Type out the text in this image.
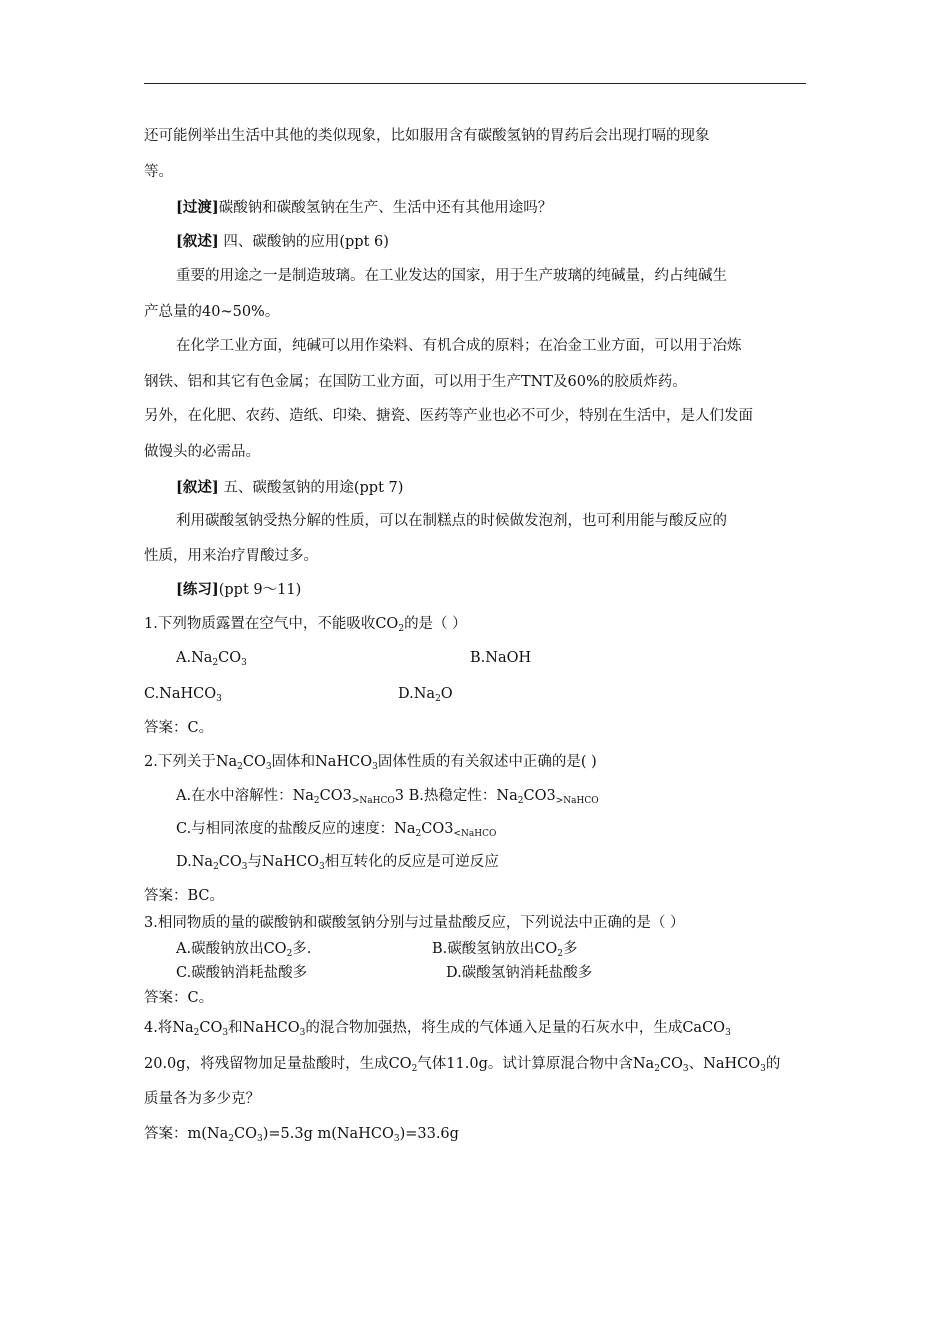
还可能例举出生活中其他的类似现象，比如服用含有碳酸氢钠的胃药后会出现打嗝的现象
等。
[过渡]碳酸钠和碳酸氢钠在生产、生活中还有其他用途吗？
[叙述] 四、碳酸钠的应用(ppt 6)
重要的用途之一是制造玻璃。在工业发达的国家，用于生产玻璃的纯碱量，约占纯碱生
产总量的40~50%。
在化学工业方面，纯碱可以用作染料、有机合成的原料；在冶金工业方面，可以用于冶炼
钢铁、铝和其它有色金属；在国防工业方面，可以用于生产TNT及60%的胶质炸药。
另外，在化肥、农药、造纸、印染、搪瓷、医药等产业也必不可少，特别在生活中，是人们发面
做馒头的必需品。
[叙述] 五、碳酸氢钠的用途(ppt 7)
利用碳酸氢钠受热分解的性质，可以在制糕点的时候做发泡剂，也可利用能与酸反应的
性质，用来治疗胃酸过多。
[练习](ppt 9～11)
1.下列物质露置在空气中，不能吸收$CO_2$的是（ ）
$A.Na_2CO_3$	B.NaOH
C.NaHCO$_3$	$D.Na_2O$
答案：C。
2.下列关于$Na_2CO_3$固体和NaHCO$_3$固体性质的有关叙述中正确的是( )
A.在水中溶解性：$Na_2CO3_{>NaHCO}3$ B.热稳定性：$Na_2CO3_{>NaHCO}$
C.与相同浓度的盐酸反应的速度：$Na_2CO3_{<NaHCO}$
$D.Na_2CO_3$与NaHCO$_3$相互转化的反应是可逆反应
答案：BC。
3.相同物质的量的碳酸钠和碳酸氢钠分别与过量盐酸反应，下列说法中正确的是（ ）
A.碳酸钠放出$CO_2$多.	B.碳酸氢钠放出$CO_2$多
C.碳酸钠消耗盐酸多	D.碳酸氢钠消耗盐酸多
答案：C。
4.将$Na_2CO_3$和NaHCO$_3$的混合物加强热，将生成的气体通入足量的石灰水中，生成CaCO$_3$
20.0g，将残留物加足量盐酸时，生成$CO_2$气体11.0g。试计算原混合物中含$Na_2CO_3$、NaHCO$_3$的
质量各为多少克？
答案：$m(Na_2CO_3)=5.3g$ m(NaHCO$_3$)=33.6g
